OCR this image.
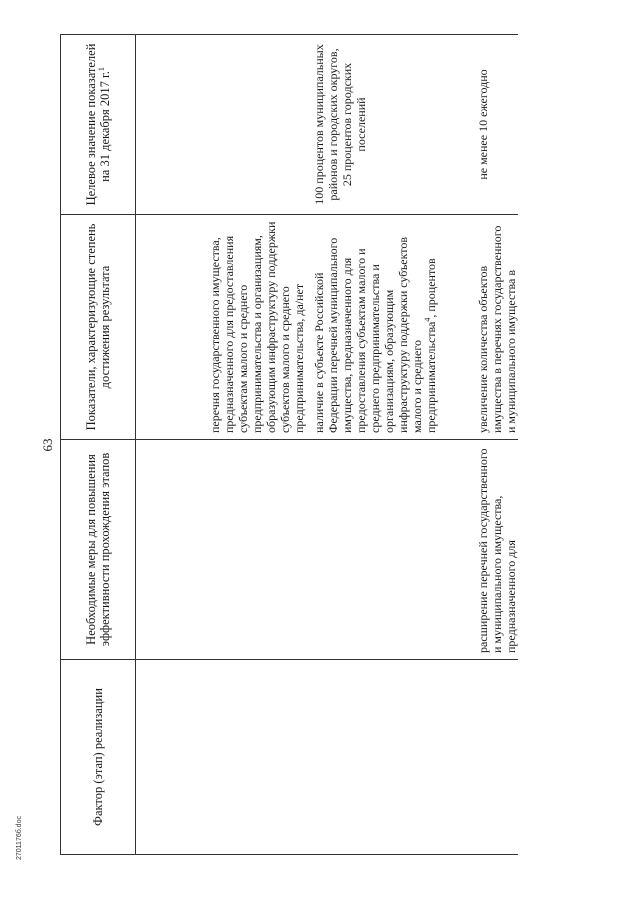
63
Фактор (этап) реализации	Необходимые меры для повышения эффективности прохождения этапов	Показатели, характеризующие степень достижения результата	Целевое значение показателей на 31 декабря 2017 г.$^1$
		перечня государственного имущества, предназначенного для предоставления субъектам малого и среднего предпринимательства и организациям, образующим инфраструктуру поддержки субъектов малого и среднего предпринимательства, да/нет	
		наличие в субъекте Российской Федерации перечней муниципального имущества, предназначенного для предоставления субъектам малого и среднего предпринимательства и организациям, образующим инфраструктуру поддержки субъектов малого и среднего предпринимательства$^4$, процентов	100 процентов муниципальных районов и городских округов, 25 процентов городских поселений
	расширение перечней государственного и муниципального имущества, предназначенного для	увеличение количества объектов имущества в перечнях государственного и муниципального имущества в	не менее 10 ежегодно
2701176б.doc
